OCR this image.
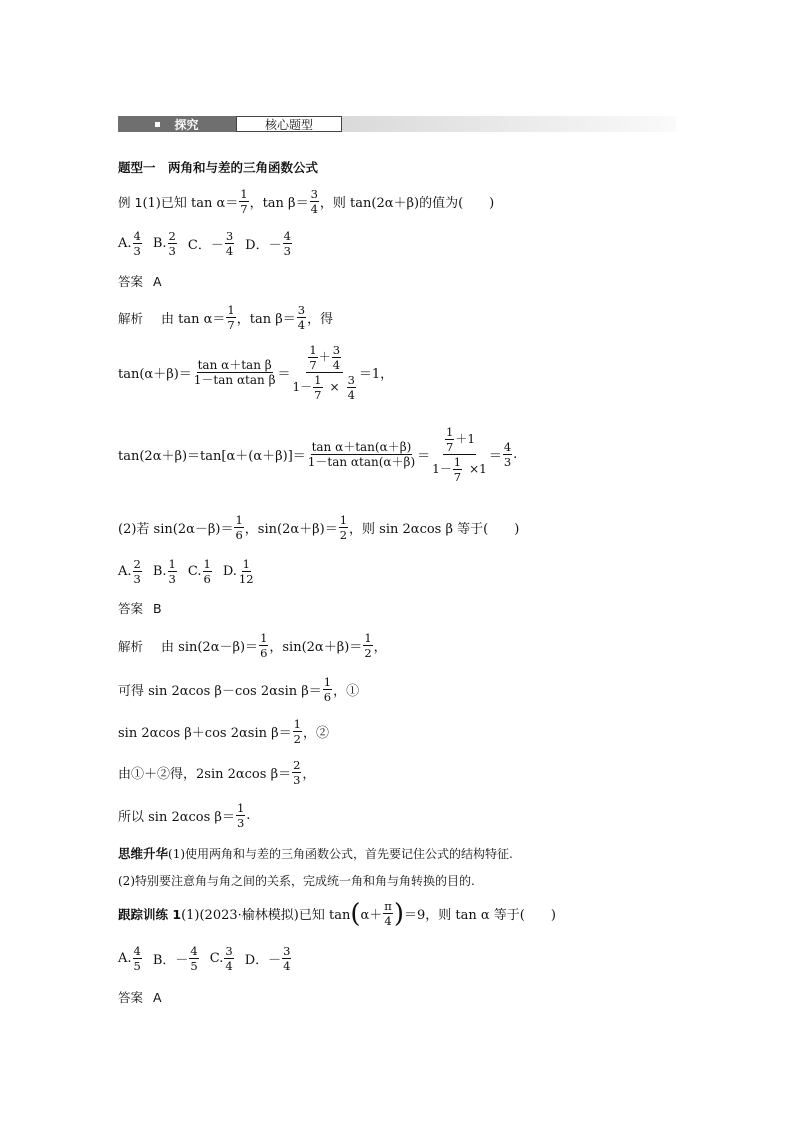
探究	核心题型
题型一　两角和与差的三角函数公式
例 1 (1)已知 $\tan \alpha= \frac{1}{7}$ ，$\tan \beta= \frac{3}{4}$ ，则 tan(2α＋β)的值为(　　)
A. $\frac{4}{3} B$. $\frac{2}{3}$ C．－ $\frac{3}{4}$ D．－ $\frac{4}{3}$
答案 A
解析 由 $\tan \alpha= \frac{1}{7}$ ，$\tan \beta= \frac{3}{4}$ ，得
$\tan(\alpha+\beta)= \frac{\text{tan α＋tan β}}{\text{1－tan αtan β}} = \frac{\frac{1}{7} + \frac{3}{4}}{1- \frac{1}{7} \times \frac{3}{4}} =1$，
$\tan(2\alpha+\beta)=\tan[\alpha+(\alpha+\beta)]= \frac{\text{tan α＋tan(α＋β)}}{\text{1－tan αtan(α＋β)}} = \frac{\frac{1}{7} +1}{1- \frac{1}{7} \times 1} = \frac{4}{3}$ .
(2)若 $\sin(2\alpha-\beta)= \frac{1}{6}$ ，$\sin(2\alpha+\beta)= \frac{1}{2}$ ，则 sin 2αcos β 等于(　　)
A. $\frac{2}{3} B$. $\frac{1}{3} C$. $\frac{1}{6} D$. $\frac{1}{12}$
答案 B
解析 由 $\sin(2\alpha-\beta)= \frac{1}{6}$ ，$\sin(2\alpha+\beta)= \frac{1}{2}$ ，
可得 sin 2αcos β－cos 2αsin $\beta= \frac{1}{6}$ ，①
sin 2αcos β＋cos 2αsin $\beta= \frac{1}{2}$ ，②
由①＋②得，2sin 2αcos $\beta= \frac{2}{3}$ ，
所以 sin 2αcos $\beta= \frac{1}{3}$ .
思维升华 (1)使用两角和与差的三角函数公式，首先要记住公式的结构特征.
(2)特别要注意角与角之间的关系，完成统一角和角与角转换的目的.
跟踪训练 1 (1)(2023·榆林模拟)已知 tan ( $\alpha+ \frac{\pi}{4}$ ) ＝9，则 tan α 等于(　　)
A. $\frac{4}{5}$ B．－ $\frac{4}{5} C$. $\frac{3}{4}$ D．－ $\frac{3}{4}$
答案 A
